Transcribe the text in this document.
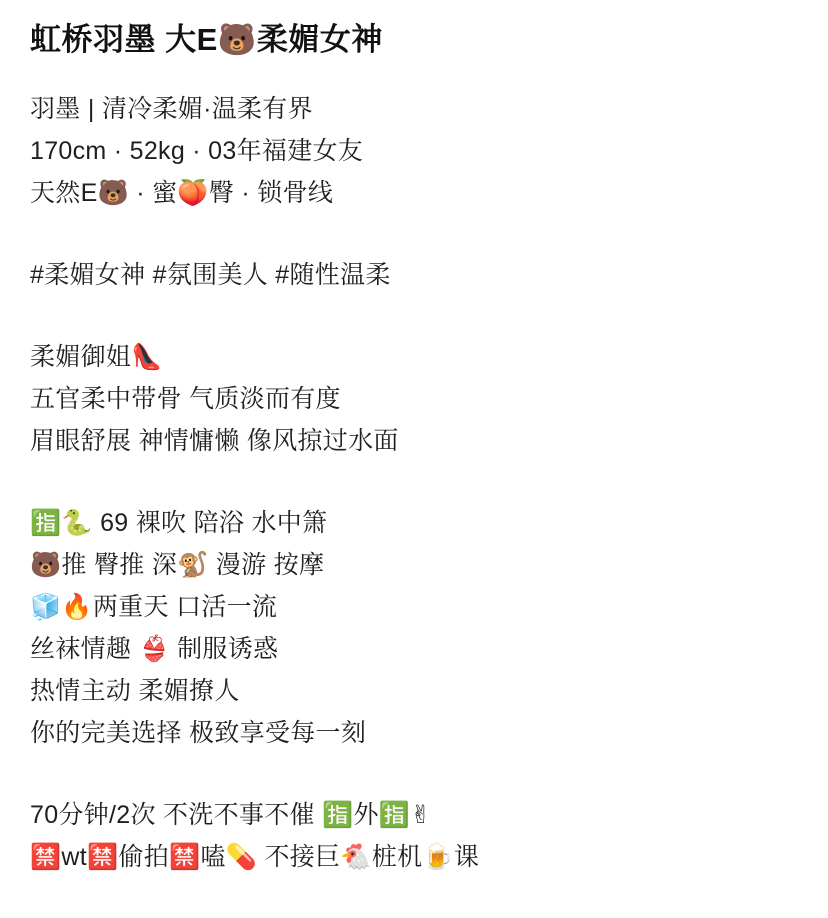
虹桥羽墨 大E🐻柔媚女神
羽墨 | 清冷柔媚·温柔有界
170cm · 52kg · 03年福建女友
天然E🐻 · 蜜🍑臀 · 锁骨线
#柔媚女神 #氛围美人 #随性温柔
柔媚御姐👠
五官柔中带骨 气质淡而有度
眉眼舒展 神情慵懒 像风掠过水面
🈯🐍 69 裸吹 陪浴 水中箫
🐻推 臀推 深🐒 漫游 按摩
🧊🔥两重天 口活一流
丝袜情趣 👙 制服诱惑
热情主动 柔媚撩人
你的完美选择 极致享受每一刻
70分钟/2次 不洗不事不催 🈯外🈯✌
🈲wt🈲偷拍🈲嗑💊 不接巨🐔桩机🍺课
